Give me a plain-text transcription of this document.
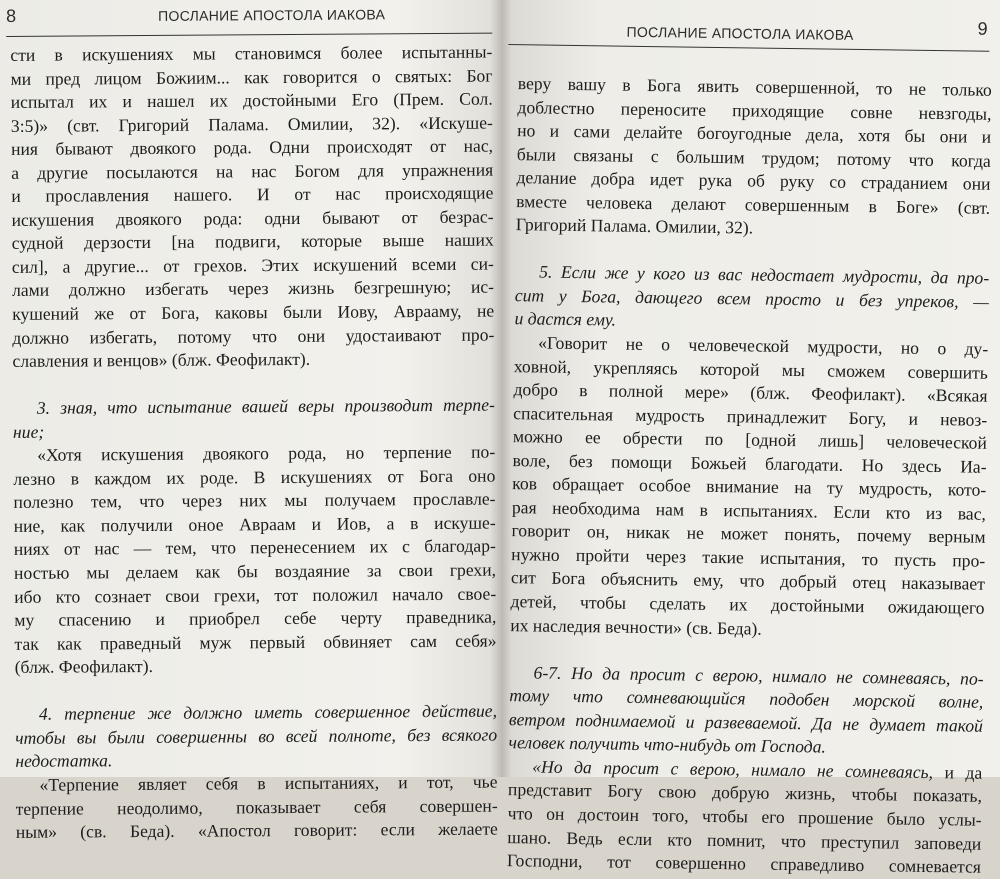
8	ПОСЛАНИЕ АПОСТОЛА ИАКОВА
сти в искушениях мы становимся более испытанны-
ми пред лицом Божиим... как говорится о святых: Бог
испытал их и нашел их достойными Его (Прем. Сол.
3:5)» (свт. Григорий Палама. Омилии, 32). «Искуше-
ния бывают двоякого рода. Одни происходят от нас,
а другие посылаются на нас Богом для упражнения
и прославления нашего. И от нас происходящие
искушения двоякого рода: одни бывают от безрас-
судной дерзости [на подвиги, которые выше наших
сил], а другие... от грехов. Этих искушений всеми си-
лами должно избегать через жизнь безгрешную; ис-
кушений же от Бога, каковы были Иову, Аврааму, не
должно избегать, потому что они удостаивают про-
славления и венцов» (блж. Феофилакт).
3. зная, что испытание вашей веры производит терпе-
ние;
«Хотя искушения двоякого рода, но терпение по-
лезно в каждом их роде. В искушениях от Бога оно
полезно тем, что через них мы получаем прославле-
ние, как получили оное Авраам и Иов, а в искуше-
ниях от нас — тем, что перенесением их с благодар-
ностью мы делаем как бы воздаяние за свои грехи,
ибо кто сознает свои грехи, тот положил начало свое-
му спасению и приобрел себе черту праведника,
так как праведный муж первый обвиняет сам себя»
(блж. Феофилакт).
4. терпение же должно иметь совершенное действие,
чтобы вы были совершенны во всей полноте, без всякого
недостатка.
«Терпение являет себя в испытаниях, и тот, чье
терпение неодолимо, показывает себя совершен-
ным» (св. Беда). «Апостол говорит: если желаете
9
ПОСЛАНИЕ АПОСТОЛА ИАКОВА
веру вашу в Бога явить совершенной, то не только
доблестно переносите приходящие совне невзгоды,
но и сами делайте богоугодные дела, хотя бы они и
были связаны с большим трудом; потому что когда
делание добра идет рука об руку со страданием они
вместе человека делают совершенным в Боге» (свт.
Григорий Палама. Омилии, 32).
5. Если же у кого из вас недостает мудрости, да про-
сит у Бога, дающего всем просто и без упреков, —
и дастся ему.
«Говорит не о человеческой мудрости, но о ду-
ховной, укрепляясь которой мы сможем совершить
добро в полной мере» (блж. Феофилакт). «Всякая
спасительная мудрость принадлежит Богу, и невоз-
можно ее обрести по [одной лишь] человеческой
воле, без помощи Божьей благодати. Но здесь Иа-
ков обращает особое внимание на ту мудрость, кото-
рая необходима нам в испытаниях. Если кто из вас,
говорит он, никак не может понять, почему верным
нужно пройти через такие испытания, то пусть про-
сит Бога объяснить ему, что добрый отец наказывает
детей, чтобы сделать их достойными ожидающего
их наследия вечности» (св. Беда).
6-7. Но да просит с верою, нимало не сомневаясь, по-
тому что сомневающийся подобен морской волне,
ветром поднимаемой и развеваемой. Да не думает такой
человек получить что-нибудь от Господа.
«Но да просит с верою, нимало не сомневаясь, и да
представит Богу свою добрую жизнь, чтобы показать,
что он достоин того, чтобы его прошение было услы-
шано. Ведь если кто помнит, что преступил заповеди
Господни, тот совершенно справедливо сомневается
